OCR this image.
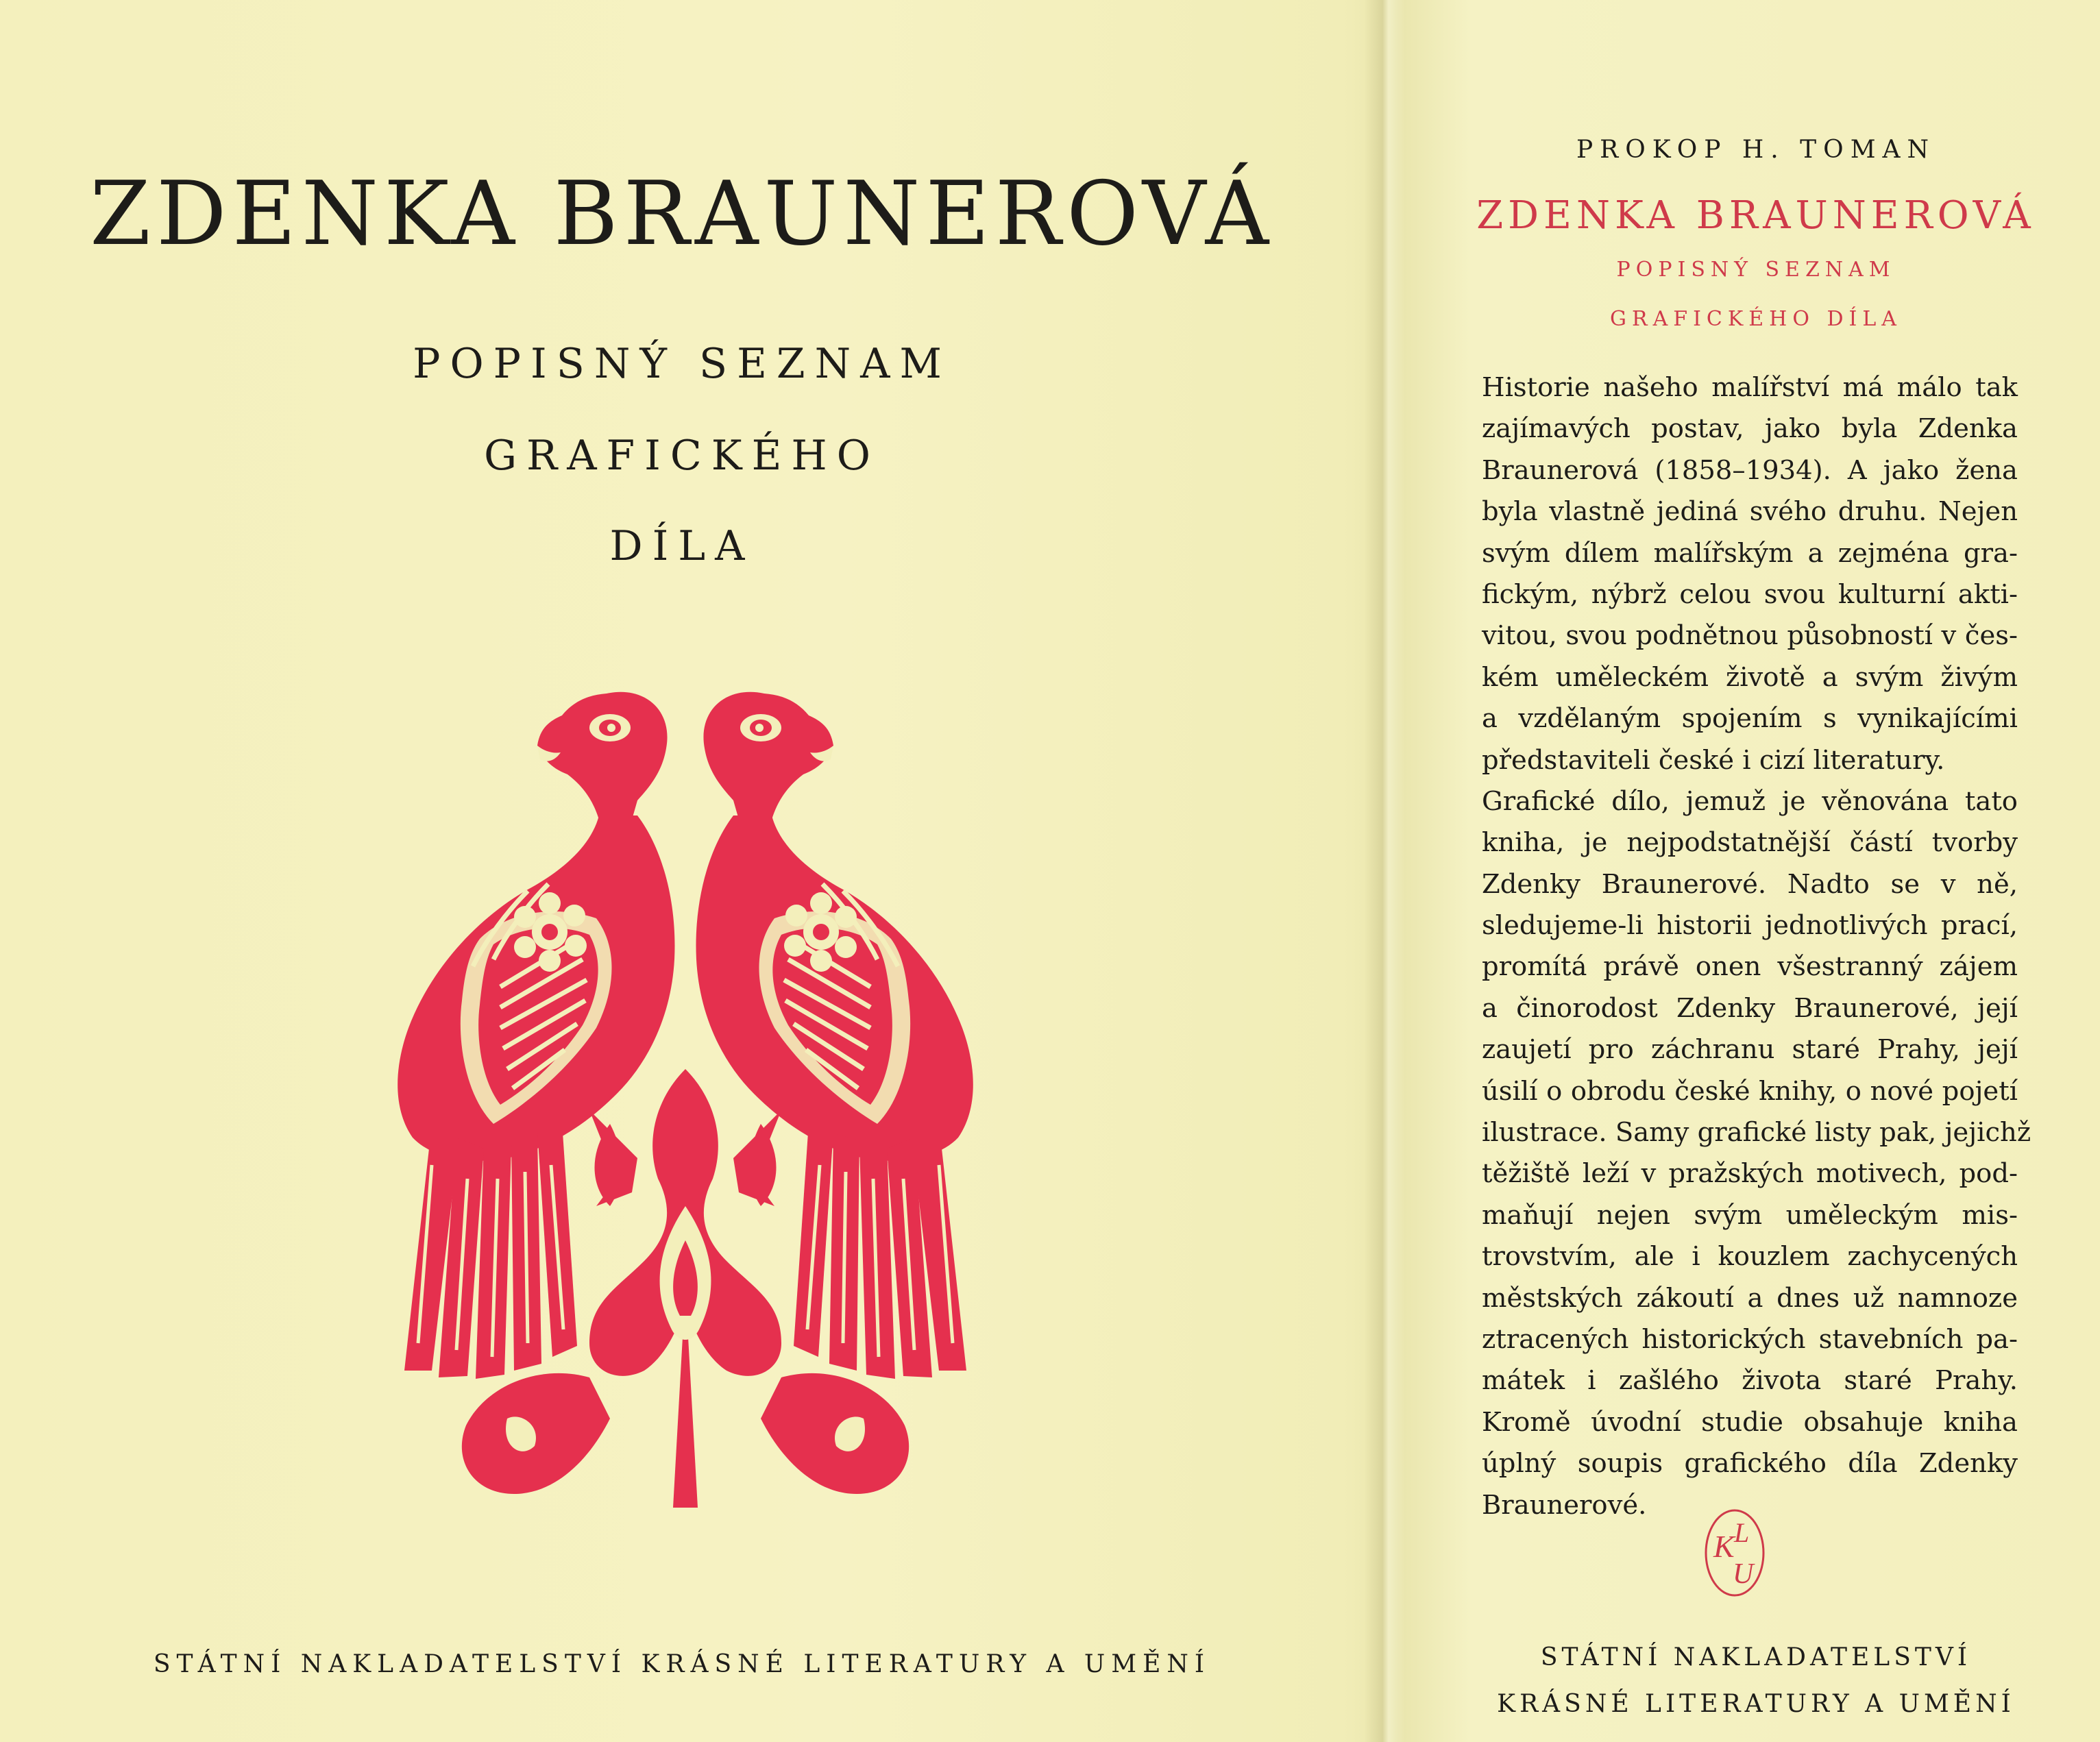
ZDENKA BRAUNEROVÁ
POPISNÝ SEZNAM
GRAFICKÉHO
DÍLA
STÁTNÍ NAKLADATELSTVÍ KRÁSNÉ LITERATURY A UMĚNÍ
PROKOP H. TOMAN
ZDENKA BRAUNEROVÁ
POPISNÝ SEZNAM
GRAFICKÉHO DÍLA
Historie našeho malířství má málo tak
zajímavých postav, jako byla Zdenka
Braunerová (1858–1934). A jako žena
byla vlastně jediná svého druhu. Nejen
svým dílem malířským a zejména gra-
fickým, nýbrž celou svou kulturní akti-
vitou, svou podnětnou působností v čes-
kém uměleckém životě a svým živým
a vzdělaným spojením s vynikajícími
představiteli české i cizí literatury.
Grafické dílo, jemuž je věnována tato
kniha, je nejpodstatnější částí tvorby
Zdenky Braunerové. Nadto se v ně,
sledujeme-li historii jednotlivých prací,
promítá právě onen všestranný zájem
a činorodost Zdenky Braunerové, její
zaujetí pro záchranu staré Prahy, její
úsilí o obrodu české knihy, o nové pojetí
ilustrace. Samy grafické listy pak, jejichž
těžiště leží v pražských motivech, pod-
maňují nejen svým uměleckým mis-
trovstvím, ale i kouzlem zachycených
městských zákoutí a dnes už namnoze
ztracených historických stavebních pa-
mátek i zašlého života staré Prahy.
Kromě úvodní studie obsahuje kniha
úplný soupis grafického díla Zdenky
Braunerové.
K L
U
STÁTNÍ NAKLADATELSTVÍ
KRÁSNÉ LITERATURY A UMĚNÍ
